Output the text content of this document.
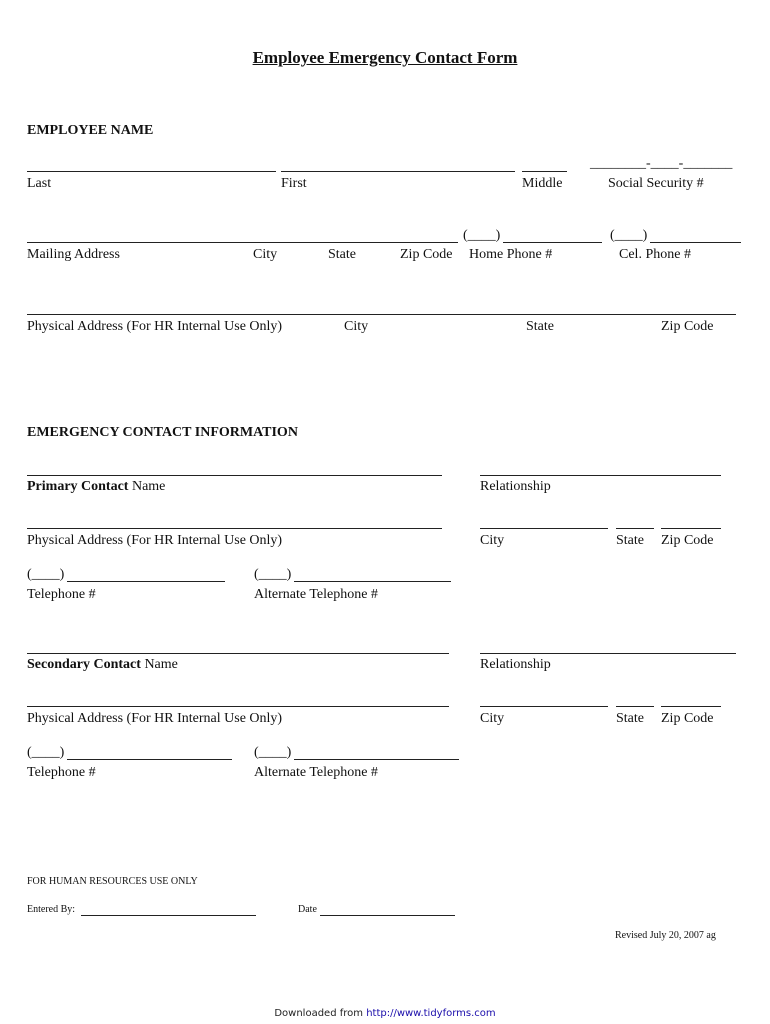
Employee Emergency Contact Form
EMPLOYEE NAME
________-____-_______
Last	First	Middle	Social Security #
(____)	(____)
Mailing Address	City	State	Zip Code Home Phone #	Cel. Phone #
Physical Address (For HR Internal Use Only)	City	State	Zip Code
EMERGENCY CONTACT INFORMATION
Primary Contact Name	Relationship
Physical Address (For HR Internal Use Only)	City	State Zip Code
(____)	(____)
Telephone #	Alternate Telephone #
Secondary Contact Name	Relationship
Physical Address (For HR Internal Use Only)	City	State Zip Code
(____)	(____)
Telephone #	Alternate Telephone #
FOR HUMAN RESOURCES USE ONLY
Entered By:	Date
Revised July 20, 2007 ag
Downloaded from http://www.tidyforms.com
